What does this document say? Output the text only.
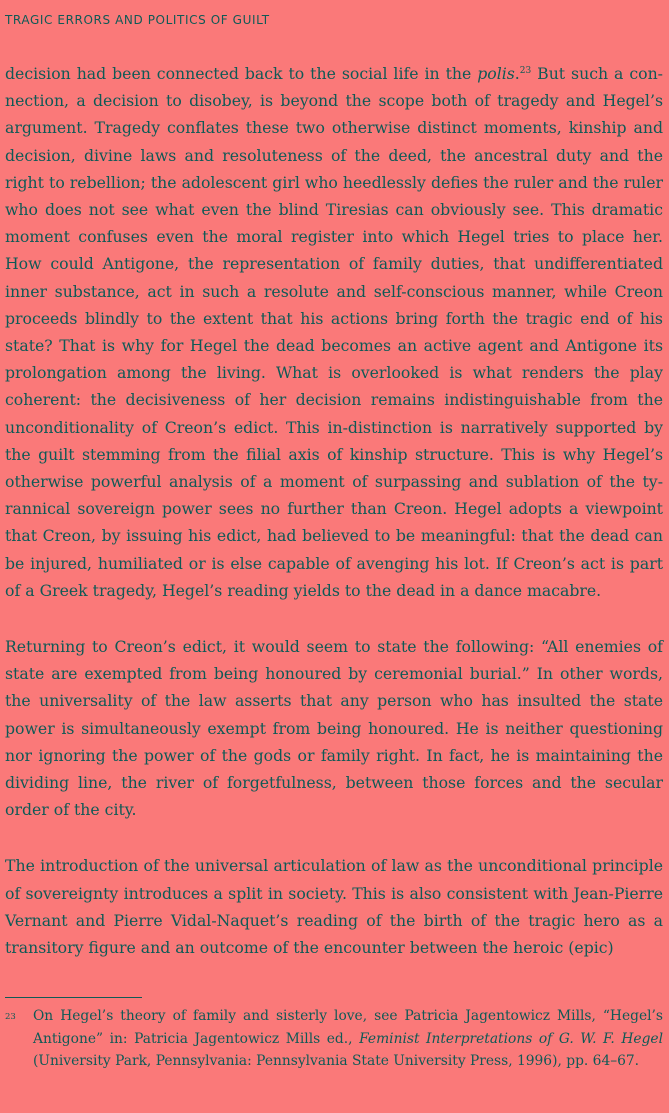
TRAGIC ERRORS AND POLITICS OF GUILT

decision had been connected back to the social life in the polis.$^{23}$ But such a connection, a decision to disobey, is beyond the scope both of tragedy and Hegel’s argument. Tragedy conflates these two otherwise distinct moments, kinship and decision, divine laws and resoluteness of the deed, the ancestral duty and the right to rebellion; the adolescent girl who heedlessly defies the ruler and the ruler who does not see what even the blind Tiresias can obviously see. This dramatic moment confuses even the moral register into which Hegel tries to place her. How could Antigone, the representation of family duties, that undifferentiated inner substance, act in such a resolute and self-conscious manner, while Creon proceeds blindly to the extent that his actions bring forth the tragic end of his state? That is why for Hegel the dead becomes an active agent and Antigone its prolongation among the living. What is overlooked is what renders the play coherent: the decisiveness of her decision remains indistinguishable from the unconditionality of Creon’s edict. This in-distinction is narratively supported by the guilt stemming from the filial axis of kinship structure. This is why Hegel’s otherwise powerful analysis of a moment of surpassing and sublation of the tyrannical sovereign power sees no further than Creon. Hegel adopts a viewpoint that Creon, by issuing his edict, had believed to be meaningful: that the dead can be injured, humiliated or is else capable of avenging his lot. If Creon’s act is part of a Greek tragedy, Hegel’s reading yields to the dead in a dance macabre.

Returning to Creon’s edict, it would seem to state the following: “All enemies of state are exempted from being honoured by ceremonial burial.” In other words, the universality of the law asserts that any person who has insulted the state power is simultaneously exempt from being honoured. He is neither questioning nor ignoring the power of the gods or family right. In fact, he is maintaining the dividing line, the river of forgetfulness, between those forces and the secular order of the city.

The introduction of the universal articulation of law as the unconditional principle of sovereignty introduces a split in society. This is also consistent with Jean-Pierre Vernant and Pierre Vidal-Naquet’s reading of the birth of the tragic hero as a transitory figure and an outcome of the encounter between the heroic (epic)

23 On Hegel’s theory of family and sisterly love, see Patricia Jagentowicz Mills, “Hegel’s Antigone” in: Patricia Jagentowicz Mills ed., Feminist Interpretations of G. W. F. Hegel (University Park, Pennsylvania: Pennsylvania State University Press, 1996), pp. 64–67.
